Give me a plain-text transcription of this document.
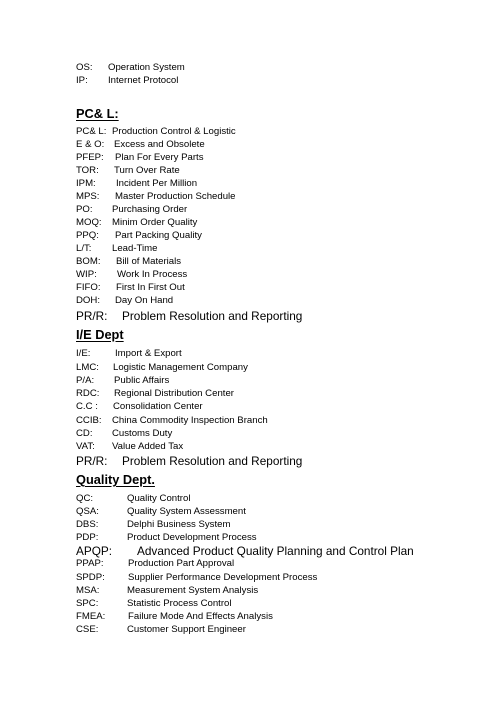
OS: Operation System
IP: Internet Protocol
PC& L:
PC& L: Production Control & Logistic
E & O: Excess and Obsolete
PFEP: Plan For Every Parts
TOR: Turn Over Rate
IPM: Incident Per Million
MPS: Master Production Schedule
PO: Purchasing Order
MOQ: Minim Order Quality
PPQ: Part Packing Quality
L/T: Lead-Time
BOM: Bill of Materials
WIP: Work In Process
FIFO: First In First Out
DOH: Day On Hand
PR/R: Problem Resolution and Reporting
I/E Dept
I/E:	Import & Export
LMC: Logistic Management Company
P/A: Public Affairs
RDC: Regional Distribution Center
C.C : Consolidation Center
CCIB: China Commodity Inspection Branch
CD: Customs Duty
VAT: Value Added Tax
PR/R: Problem Resolution and Reporting
Quality Dept.
QC:	Quality Control
QSA:	Quality System Assessment
DBS:	Delphi Business System
PDP:	Product Development Process
APQP: Advanced Product Quality Planning and Control Plan
PPAP:	Production Part Approval
SPDP: Supplier Performance Development Process
MSA:	Measurement System Analysis
SPC:	Statistic Process Control
FMEA: Failure Mode And Effects Analysis
CSE:	Customer Support Engineer
